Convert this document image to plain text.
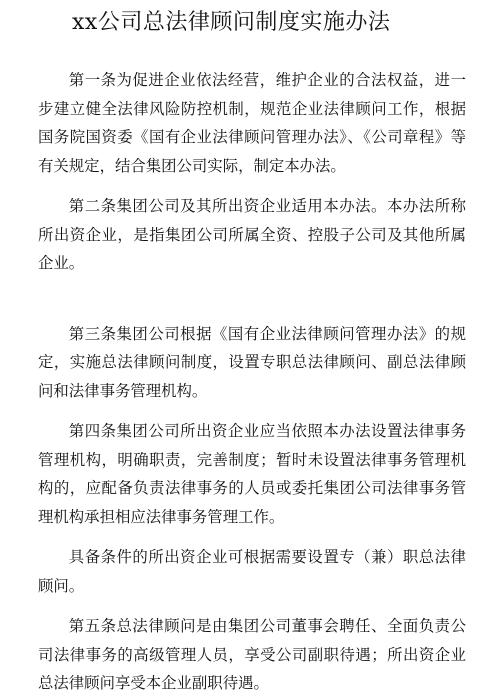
xx公司总法律顾问制度实施办法

第一条为促进企业依法经营，维护企业的合法权益，进一步建立健全法律风险防控机制，规范企业法律顾问工作，根据国务院国资委《国有企业法律顾问管理办法》、《公司章程》等有关规定，结合集团公司实际，制定本办法。

第二条集团公司及其所出资企业适用本办法。本办法所称所出资企业，是指集团公司所属全资、控股子公司及其他所属企业。

第三条集团公司根据《国有企业法律顾问管理办法》的规定，实施总法律顾问制度，设置专职总法律顾问、副总法律顾问和法律事务管理机构。

第四条集团公司所出资企业应当依照本办法设置法律事务管理机构，明确职责，完善制度；暂时未设置法律事务管理机构的，应配备负责法律事务的人员或委托集团公司法律事务管理机构承担相应法律事务管理工作。

具备条件的所出资企业可根据需要设置专（兼）职总法律顾问。

第五条总法律顾问是由集团公司董事会聘任、全面负责公司法律事务的高级管理人员，享受公司副职待遇；所出资企业总法律顾问享受本企业副职待遇。
